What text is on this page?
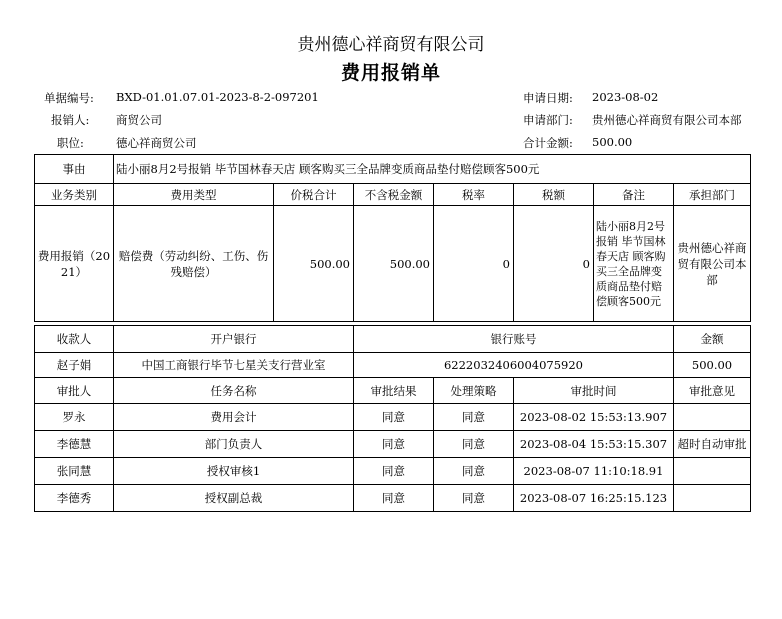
贵州德心祥商贸有限公司
费用报销单
单据编号: BXD-01.01.07.01-2023-8-2-097201
报销人: 商贸公司
职位:	德心祥商贸公司
申请日期: 2023-08-02
申请部门: 贵州德心祥商贸有限公司本部
合计金额: 500.00
事由	陆小丽8月2号报销 毕节国林春天店 顾客购买三全品牌变质商品垫付赔偿顾客500元						
业务类别	费用类型	价税合计	不含税金额	税率	税额	备注	承担部门
费用报销（2021）	赔偿费（劳动纠纷、工伤、伤残赔偿）	500.00	500.00	0	0	陆小丽8月2号报销 毕节国林春天店 顾客购买三全品牌变质商品垫付赔偿顾客500元	贵州德心祥商贸有限公司本部
收款人	开户银行	银行账号			金额
赵子娟	中国工商银行毕节七星关支行营业室	6222032406004075920			500.00
审批人	任务名称	审批结果	处理策略	审批时间	审批意见
罗永	费用会计	同意	同意	2023-08-02 15:53:13.907	
李德慧	部门负责人	同意	同意	2023-08-04 15:53:15.307	超时自动审批
张同慧	授权审核1	同意	同意	2023-08-07 11:10:18.91	
李德秀	授权副总裁	同意	同意	2023-08-07 16:25:15.123	
